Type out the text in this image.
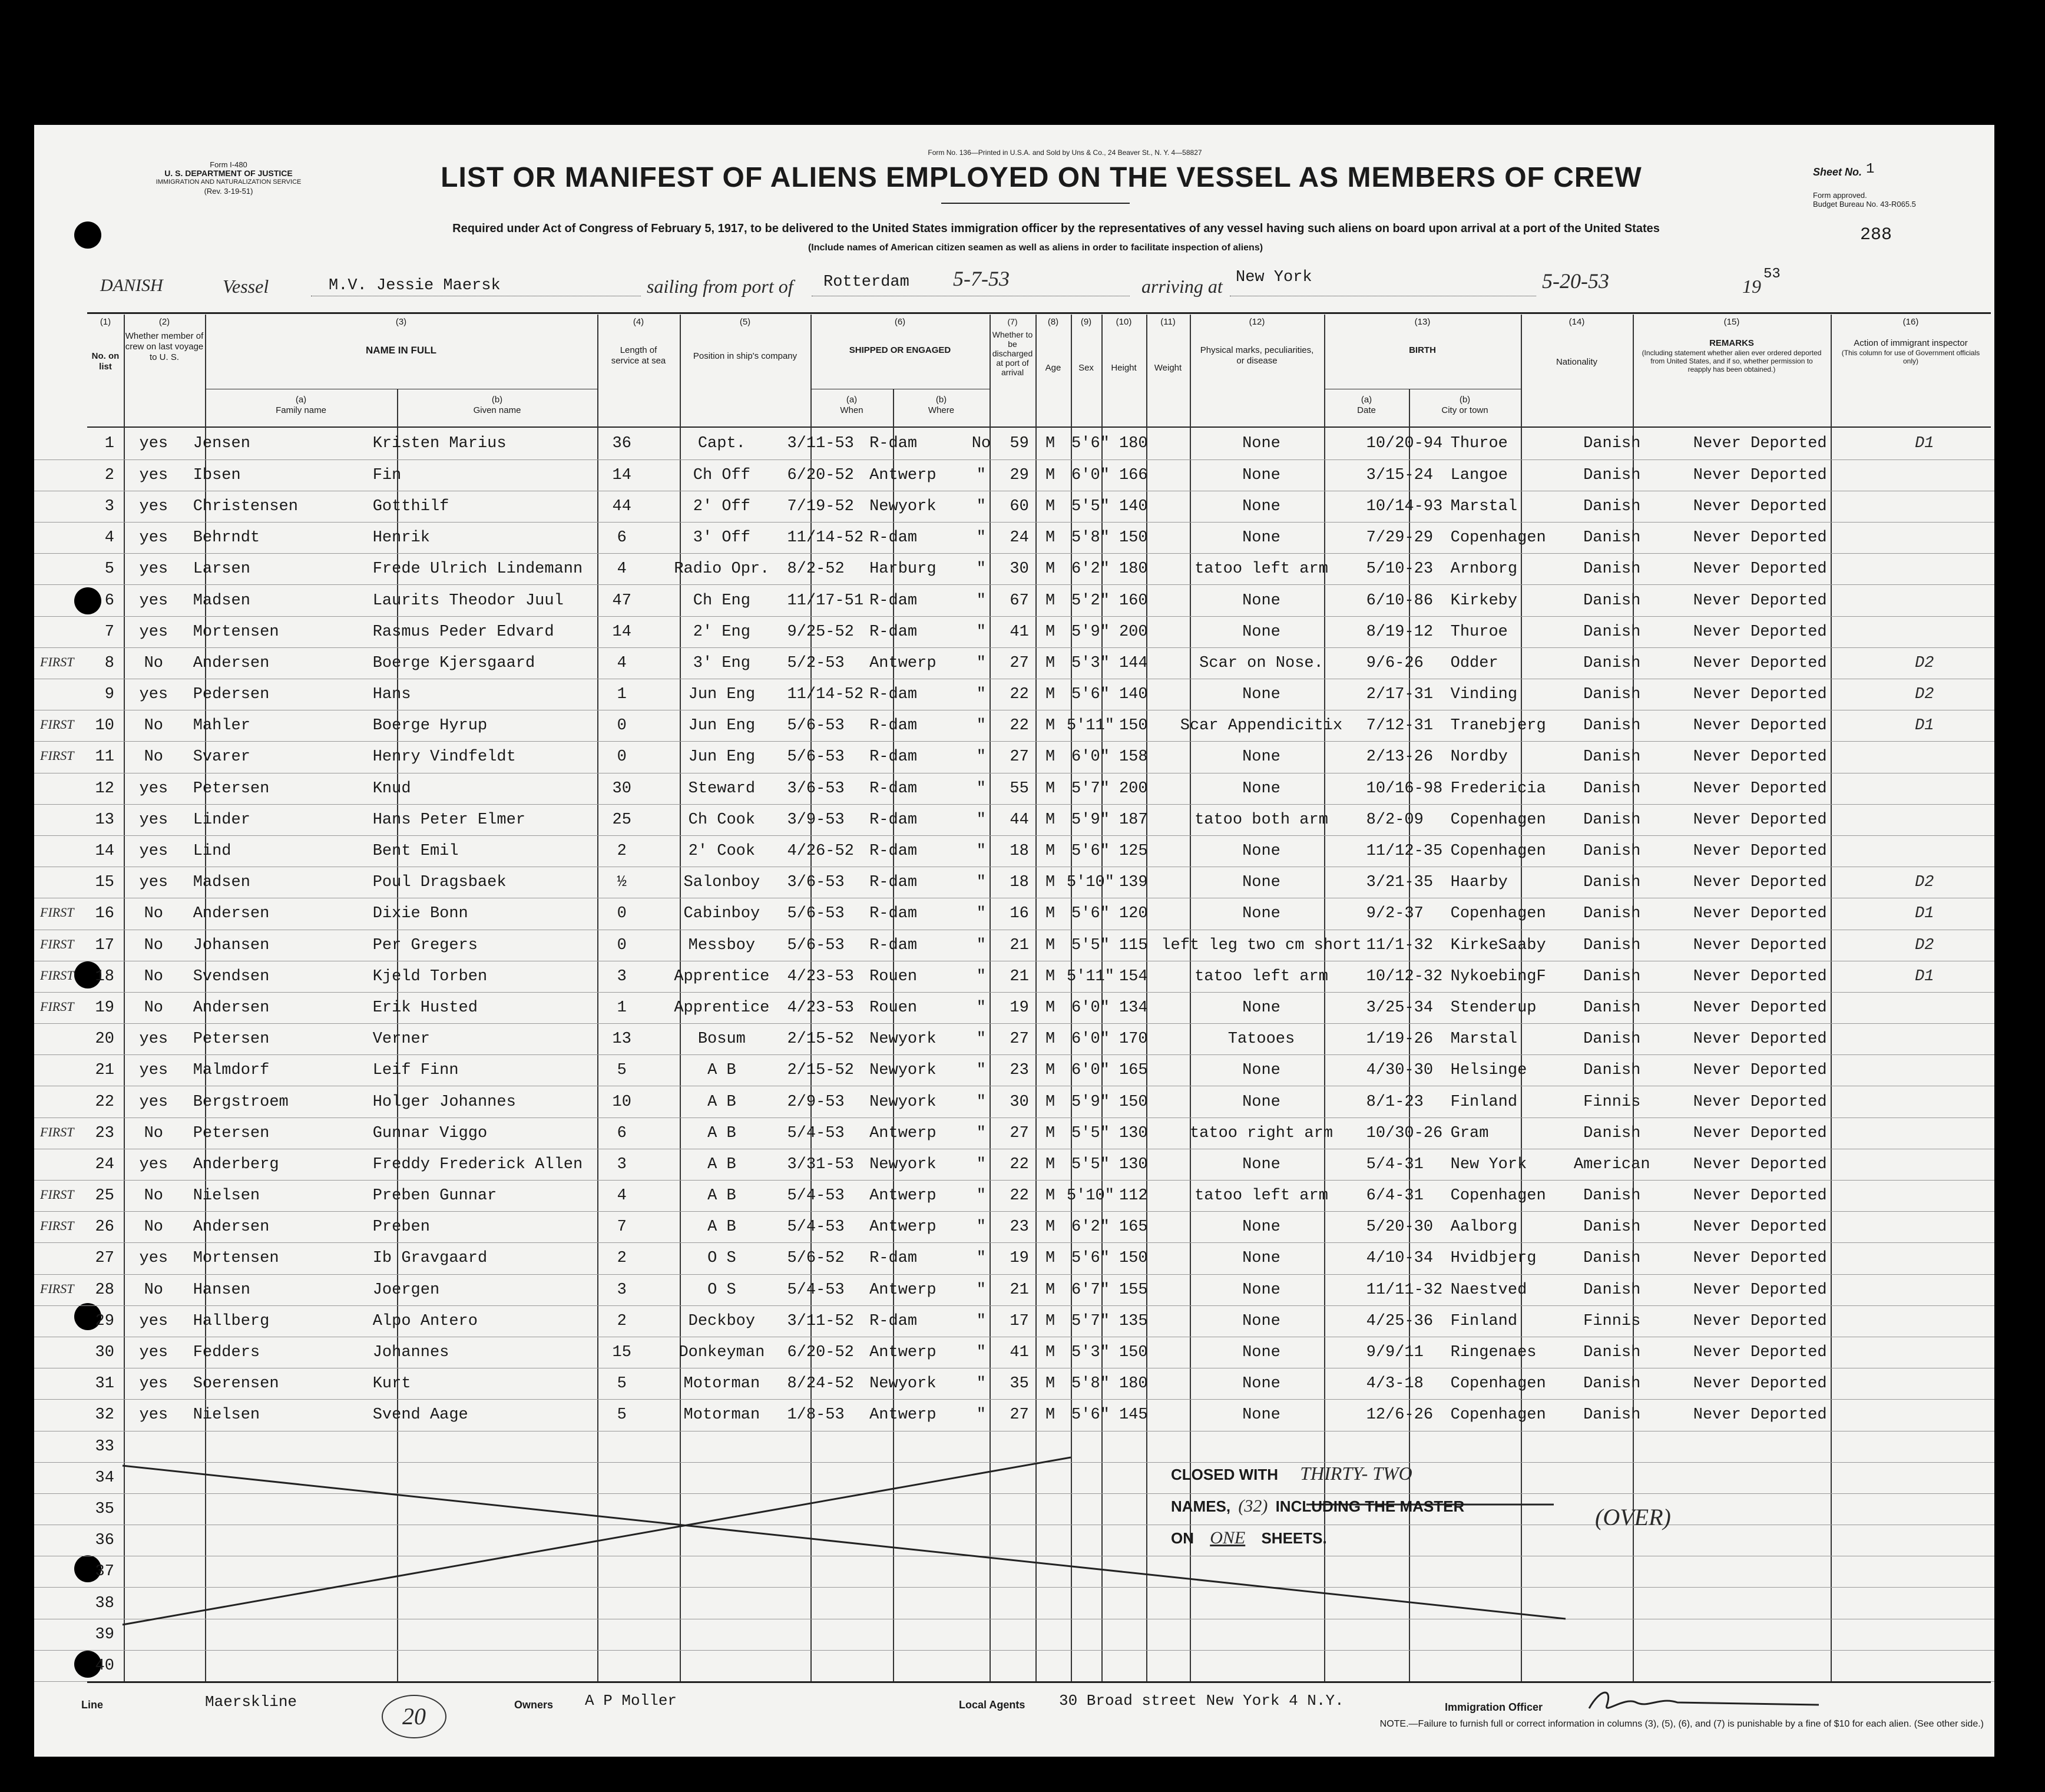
Form I-480
U. S. DEPARTMENT OF JUSTICE
IMMIGRATION AND NATURALIZATION SERVICE
(Rev. 3-19-51)
Form No. 136—Printed in U.S.A. and Sold by Uns & Co., 24 Beaver St., N. Y. 4—58827
LIST OR MANIFEST OF ALIENS EMPLOYED ON THE VESSEL AS MEMBERS OF CREW	Sheet No. 1
Form approved.
Budget Bureau No. 43-R065.5
288
Required under Act of Congress of February 5, 1917, to be delivered to the United States immigration officer by the representatives of any vessel having such aliens on board upon arrival at a port of the United States
(Include names of American citizen seamen as well as aliens in order to facilitate inspection of aliens)
DANISH	Vessel	M.V. Jessie Maersk	sailing from port of Rotterdam 5-7-53	arriving at New York	5-20-53	19
53
(1)
No. on list
(2)
Whether member of crew on last voyage to U. S.
(3)
NAME IN FULL
(a)
Family name
(b)
Given name
(4)
Length of service at sea
(5)
Position in ship's company
(6)
SHIPPED OR ENGAGED
(a)
When
(b)
Where
(7)
Whether to be discharged at port of arrival
(8)
Age
(9)
Sex
(10)
Height
(11)
Weight
(12)
Physical marks, peculiarities, or disease
(13)
BIRTH
(a)
Date
(b)
City or town
(14)
Nationality
(15)
REMARKS
(Including statement whether alien ever ordered deported from United States, and if so, whether permission to reapply has been obtained.)
(16)
Action of immigrant inspector
(This column for use of Government officials only)
1	yes	Jensen	Kristen Marius	36	Capt.	3/11-53	R-dam	No	59	M	5'6"	180	None	10/20-94	Thuroe	Danish	Never Deported	D1
2	yes	Ibsen	Fin	14	Ch Off	6/20-52	Antwerp	"	29	M	6'0"	166	None	3/15-24	Langoe	Danish	Never Deported	
3	yes	Christensen	Gotthilf	44	2' Off	7/19-52	Newyork	"	60	M	5'5"	140	None	10/14-93	Marstal	Danish	Never Deported	
4	yes	Behrndt	Henrik	6	3' Off	11/14-52	R-dam	"	24	M	5'8"	150	None	7/29-29	Copenhagen	Danish	Never Deported	
5	yes	Larsen	Frede Ulrich Lindemann	4	Radio Opr.	8/2-52	Harburg	"	30	M	6'2"	180	tatoo left arm	5/10-23	Arnborg	Danish	Never Deported	
6	yes	Madsen	Laurits Theodor Juul	47	Ch Eng	11/17-51	R-dam	"	67	M	5'2"	160	None	6/10-86	Kirkeby	Danish	Never Deported	
7	yes	Mortensen	Rasmus Peder Edvard	14	2' Eng	9/25-52	R-dam	"	41	M	5'9"	200	None	8/19-12	Thuroe	Danish	Never Deported	

FIRST 8	No	Andersen	Boerge Kjersgaard	4	3' Eng	5/2-53	Antwerp	"	27	M	5'3"	144	Scar on Nose.	9/6-26	Odder	Danish	Never Deported	D2
9	yes	Pedersen	Hans	1	Jun Eng	11/14-52	R-dam	"	22	M	5'6"	140	None	2/17-31	Vinding	Danish	Never Deported	D2

FIRST 10	No	Mahler	Boerge Hyrup	0	Jun Eng	5/6-53	R-dam	"	22	M	5'11"	150	Scar Appendicitix	7/12-31	Tranebjerg	Danish	Never Deported	D1

FIRST 11	No	Svarer	Henry Vindfeldt	0	Jun Eng	5/6-53	R-dam	"	27	M	6'0"	158	None	2/13-26	Nordby	Danish	Never Deported	
12	yes	Petersen	Knud	30	Steward	3/6-53	R-dam	"	55	M	5'7"	200	None	10/16-98	Fredericia	Danish	Never Deported	
13	yes	Linder	Hans Peter Elmer	25	Ch Cook	3/9-53	R-dam	"	44	M	5'9"	187	tatoo both arm	8/2-09	Copenhagen	Danish	Never Deported	
14	yes	Lind	Bent Emil	2	2' Cook	4/26-52	R-dam	"	18	M	5'6"	125	None	11/12-35	Copenhagen	Danish	Never Deported	
15	yes	Madsen	Poul Dragsbaek	½	Salonboy	3/6-53	R-dam	"	18	M	5'10"	139	None	3/21-35	Haarby	Danish	Never Deported	D2

FIRST 16	No	Andersen	Dixie Bonn	0	Cabinboy	5/6-53	R-dam	"	16	M	5'6"	120	None	9/2-37	Copenhagen	Danish	Never Deported	D1

FIRST 17	No	Johansen	Per Gregers	0	Messboy	5/6-53	R-dam	"	21	M	5'5"	115	left leg two cm short	11/1-32	KirkeSaaby	Danish	Never Deported	D2

FIRST 18	No	Svendsen	Kjeld Torben	3	Apprentice	4/23-53	Rouen	"	21	M	5'11"	154	tatoo left arm	10/12-32	NykoebingF	Danish	Never Deported	D1

FIRST 19	No	Andersen	Erik Husted	1	Apprentice	4/23-53	Rouen	"	19	M	6'0"	134	None	3/25-34	Stenderup	Danish	Never Deported	
20	yes	Petersen	Verner	13	Bosum	2/15-52	Newyork	"	27	M	6'0"	170	Tatooes	1/19-26	Marstal	Danish	Never Deported	
21	yes	Malmdorf	Leif Finn	5	A B	2/15-52	Newyork	"	23	M	6'0"	165	None	4/30-30	Helsinge	Danish	Never Deported	
22	yes	Bergstroem	Holger Johannes	10	A B	2/9-53	Newyork	"	30	M	5'9"	150	None	8/1-23	Finland	Finnis	Never Deported	

FIRST 23	No	Petersen	Gunnar Viggo	6	A B	5/4-53	Antwerp	"	27	M	5'5"	130	tatoo right arm	10/30-26	Gram	Danish	Never Deported	
24	yes	Anderberg	Freddy Frederick Allen	3	A B	3/31-53	Newyork	"	22	M	5'5"	130	None	5/4-31	New York	American	Never Deported	

FIRST 25	No	Nielsen	Preben Gunnar	4	A B	5/4-53	Antwerp	"	22	M	5'10"	112	tatoo left arm	6/4-31	Copenhagen	Danish	Never Deported	

FIRST 26	No	Andersen	Preben	7	A B	5/4-53	Antwerp	"	23	M	6'2"	165	None	5/20-30	Aalborg	Danish	Never Deported	
27	yes	Mortensen	Ib Gravgaard	2	O S	5/6-52	R-dam	"	19	M	5'6"	150	None	4/10-34	Hvidbjerg	Danish	Never Deported	

FIRST 28	No	Hansen	Joergen	3	O S	5/4-53	Antwerp	"	21	M	6'7"	155	None	11/11-32	Naestved	Danish	Never Deported	
29	yes	Hallberg	Alpo Antero	2	Deckboy	3/11-52	R-dam	"	17	M	5'7"	135	None	4/25-36	Finland	Finnis	Never Deported	
30	yes	Fedders	Johannes	15	Donkeyman	6/20-52	Antwerp	"	41	M	5'3"	150	None	9/9/11	Ringenaes	Danish	Never Deported	
31	yes	Soerensen	Kurt	5	Motorman	8/24-52	Newyork	"	35	M	5'8"	180	None	4/3-18	Copenhagen	Danish	Never Deported	
32	yes	Nielsen	Svend Aage	5	Motorman	1/8-53	Antwerp	"	27	M	5'6"	145	None	12/6-26	Copenhagen	Danish	Never Deported	
33																		
34																		
35																		
36																		
37																		
38																		
39																		
40																		
CLOSED WITH THIRTY- TWO
NAMES, (32) INCLUDING THE MASTER
ON ONE SHEETS.
(OVER)
Line	Maerskline
20	Owners A P Moller	Local Agents 30 Broad street New York 4 N.Y.	Immigration Officer
NOTE.—Failure to furnish full or correct information in columns (3), (5), (6), and (7) is punishable by a fine of $10 for each alien. (See other side.)
